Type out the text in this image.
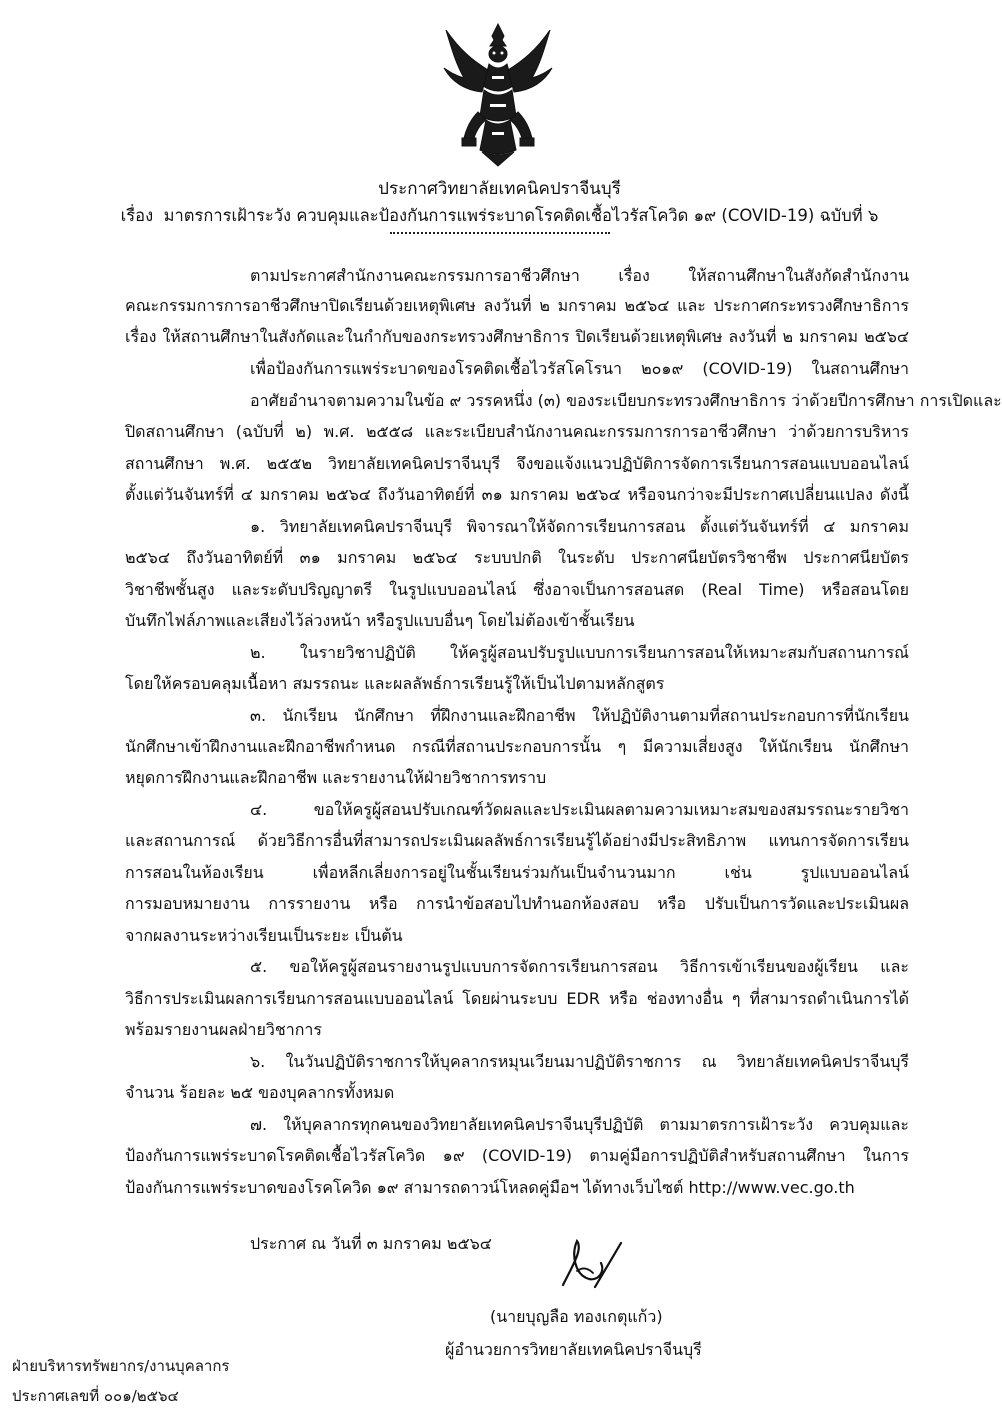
ประกาศวิทยาลัยเทคนิคปราจีนบุรี
เรื่อง มาตรการเฝ้าระวัง ควบคุมและป้องกันการแพร่ระบาดโรคติดเชื้อไวรัสโควิด ๑๙ (COVID-19) ฉบับที่ ๖
ตามประกาศสำนักงานคณะกรรมการอาชีวศึกษา เรื่อง ให้สถานศึกษาในสังกัดสำนักงาน
คณะกรรมการการอาชีวศึกษาปิดเรียนด้วยเหตุพิเศษ ลงวันที่ ๒ มกราคม ๒๕๖๔ และ ประกาศกระทรวงศึกษาธิการ
เรื่อง ให้สถานศึกษาในสังกัดและในกำกับของกระทรวงศึกษาธิการ ปิดเรียนด้วยเหตุพิเศษ ลงวันที่ ๒ มกราคม ๒๕๖๔
เพื่อป้องกันการแพร่ระบาดของโรคติดเชื้อไวรัสโคโรนา ๒๐๑๙ (COVID-19) ในสถานศึกษา
อาศัยอำนาจตามความในข้อ ๙ วรรคหนึ่ง (๓) ของระเบียบกระทรวงศึกษาธิการ ว่าด้วยปีการศึกษา การเปิดและ
ปิดสถานศึกษา (ฉบับที่ ๒) พ.ศ. ๒๕๕๘ และระเบียบสำนักงานคณะกรรมการการอาชีวศึกษา ว่าด้วยการบริหาร
สถานศึกษา พ.ศ. ๒๕๕๒ วิทยาลัยเทคนิคปราจีนบุรี จึงขอแจ้งแนวปฏิบัติการจัดการเรียนการสอนแบบออนไลน์
ตั้งแต่วันจันทร์ที่ ๔ มกราคม ๒๕๖๔ ถึงวันอาทิตย์ที่ ๓๑ มกราคม ๒๕๖๔ หรือจนกว่าจะมีประกาศเปลี่ยนแปลง ดังนี้
๑. วิทยาลัยเทคนิคปราจีนบุรี พิจารณาให้จัดการเรียนการสอน ตั้งแต่วันจันทร์ที่ ๔ มกราคม
๒๕๖๔ ถึงวันอาทิตย์ที่ ๓๑ มกราคม ๒๕๖๔ ระบบปกติ ในระดับ ประกาศนียบัตรวิชาชีพ ประกาศนียบัตร
วิชาชีพชั้นสูง และระดับปริญญาตรี ในรูปแบบออนไลน์ ซึ่งอาจเป็นการสอนสด (Real Time) หรือสอนโดย
บันทึกไฟล์ภาพและเสียงไว้ล่วงหน้า หรือรูปแบบอื่นๆ โดยไม่ต้องเข้าชั้นเรียน
๒. ในรายวิชาปฏิบัติ ให้ครูผู้สอนปรับรูปแบบการเรียนการสอนให้เหมาะสมกับสถานการณ์
โดยให้ครอบคลุมเนื้อหา สมรรถนะ และผลลัพธ์การเรียนรู้ให้เป็นไปตามหลักสูตร
๓. นักเรียน นักศึกษา ที่ฝึกงานและฝึกอาชีพ ให้ปฏิบัติงานตามที่สถานประกอบการที่นักเรียน
นักศึกษาเข้าฝึกงานและฝึกอาชีพกำหนด กรณีที่สถานประกอบการนั้น ๆ มีความเสี่ยงสูง ให้นักเรียน นักศึกษา
หยุดการฝึกงานและฝึกอาชีพ และรายงานให้ฝ่ายวิชาการทราบ
๔. ขอให้ครูผู้สอนปรับเกณฑ์วัดผลและประเมินผลตามความเหมาะสมของสมรรถนะรายวิชา
และสถานการณ์ ด้วยวิธีการอื่นที่สามารถประเมินผลลัพธ์การเรียนรู้ได้อย่างมีประสิทธิภาพ แทนการจัดการเรียน
การสอนในห้องเรียน เพื่อหลีกเลี่ยงการอยู่ในชั้นเรียนร่วมกันเป็นจำนวนมาก เช่น รูปแบบออนไลน์
การมอบหมายงาน การรายงาน หรือ การนำข้อสอบไปทำนอกห้องสอบ หรือ ปรับเป็นการวัดและประเมินผล
จากผลงานระหว่างเรียนเป็นระยะ เป็นต้น
๕. ขอให้ครูผู้สอนรายงานรูปแบบการจัดการเรียนการสอน วิธีการเข้าเรียนของผู้เรียน และ
วิธีการประเมินผลการเรียนการสอนแบบออนไลน์ โดยผ่านระบบ EDR หรือ ช่องทางอื่น ๆ ที่สามารถดำเนินการได้
พร้อมรายงานผลฝ่ายวิชาการ
๖. ในวันปฏิบัติราชการให้บุคลากรหมุนเวียนมาปฏิบัติราชการ ณ วิทยาลัยเทคนิคปราจีนบุรี
จำนวน ร้อยละ ๒๕ ของบุคลากรทั้งหมด
๗. ให้บุคลากรทุกคนของวิทยาลัยเทคนิคปราจีนบุรีปฏิบัติ ตามมาตรการเฝ้าระวัง ควบคุมและ
ป้องกันการแพร่ระบาดโรคติดเชื้อไวรัสโควิด ๑๙ (COVID-19) ตามคู่มือการปฏิบัติสำหรับสถานศึกษา ในการ
ป้องกันการแพร่ระบาดของโรคโควิด ๑๙ สามารถดาวน์โหลดคู่มือฯ ได้ทางเว็บไซต์ http://www.vec.go.th
ประกาศ ณ วันที่ ๓ มกราคม ๒๕๖๔
(นายบุญลือ ทองเกตุแก้ว)
ผู้อำนวยการวิทยาลัยเทคนิคปราจีนบุรี
ฝ่ายบริหารทรัพยากร/งานบุคลากร
ประกาศเลขที่ ๐๐๑/๒๕๖๔
